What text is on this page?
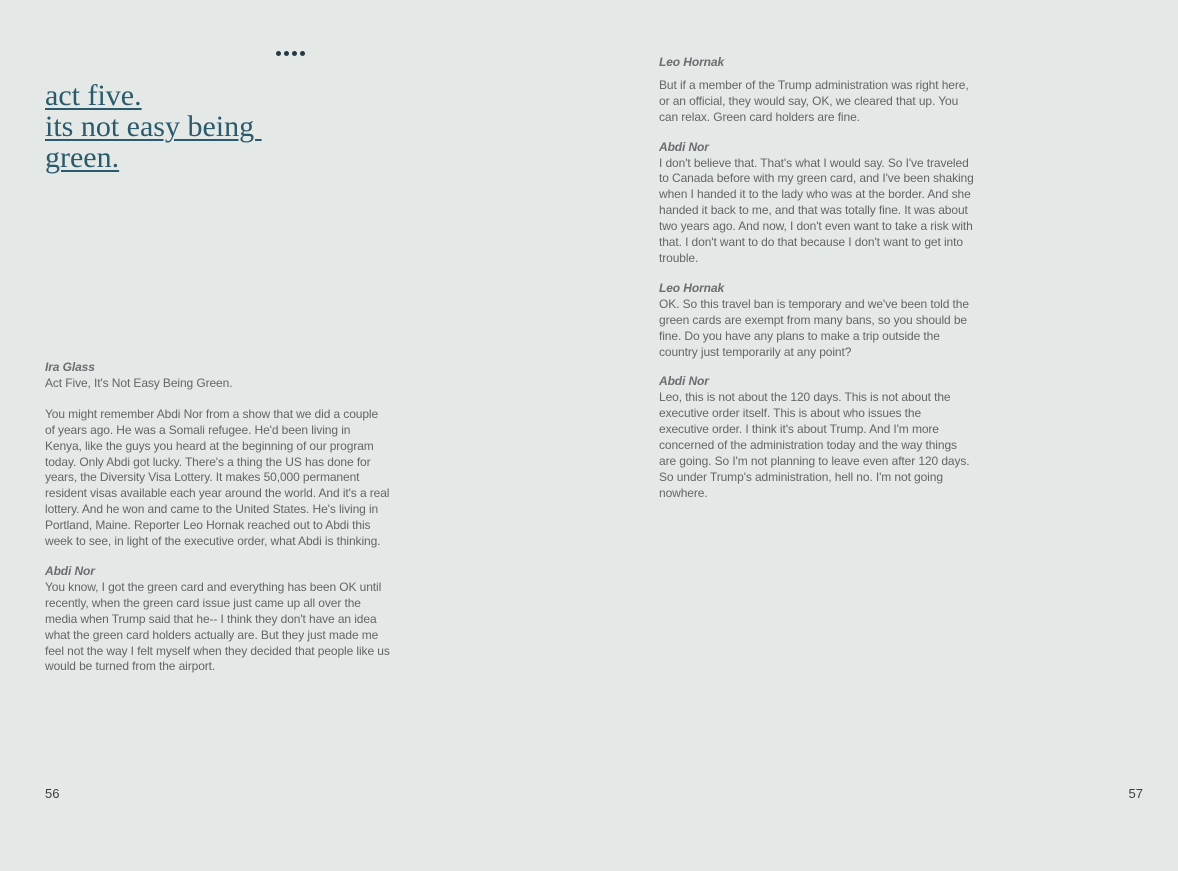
act five.
its not easy being
green.

Ira Glass

Act Five, It's Not Easy Being Green.

You might remember Abdi Nor from a show that we did a couple of years ago. He was a Somali refugee. He'd been living in Kenya, like the guys you heard at the beginning of our program today. Only Abdi got lucky. There's a thing the US has done for years, the Diversity Visa Lottery. It makes 50,000 permanent resident visas available each year around the world. And it's a real lottery. And he won and came to the United States. He's living in Portland, Maine. Reporter Leo Hornak reached out to Abdi this week to see, in light of the executive order, what Abdi is thinking.

Abdi Nor

You know, I got the green card and everything has been OK until recently, when the green card issue just came up all over the media when Trump said that he-- I think they don't have an idea what the green card holders actually are. But they just made me feel not the way I felt myself when they decided that people like us would be turned from the airport.

56

Leo Hornak

But if a member of the Trump administration was right here, or an official, they would say, OK, we cleared that up. You can relax. Green card holders are fine.

Abdi Nor

I don't believe that. That's what I would say. So I've traveled to Canada before with my green card, and I've been shaking when I handed it to the lady who was at the border. And she handed it back to me, and that was totally fine. It was about two years ago. And now, I don't even want to take a risk with that. I don't want to do that because I don't want to get into trouble.

Leo Hornak

OK. So this travel ban is temporary and we've been told the green cards are exempt from many bans, so you should be fine. Do you have any plans to make a trip outside the country just temporarily at any point?

Abdi Nor

Leo, this is not about the 120 days. This is not about the executive order itself. This is about who issues the executive order. I think it's about Trump. And I'm more concerned of the administration today and the way things are going. So I'm not planning to leave even after 120 days. So under Trump's administration, hell no. I'm not going nowhere.

57
